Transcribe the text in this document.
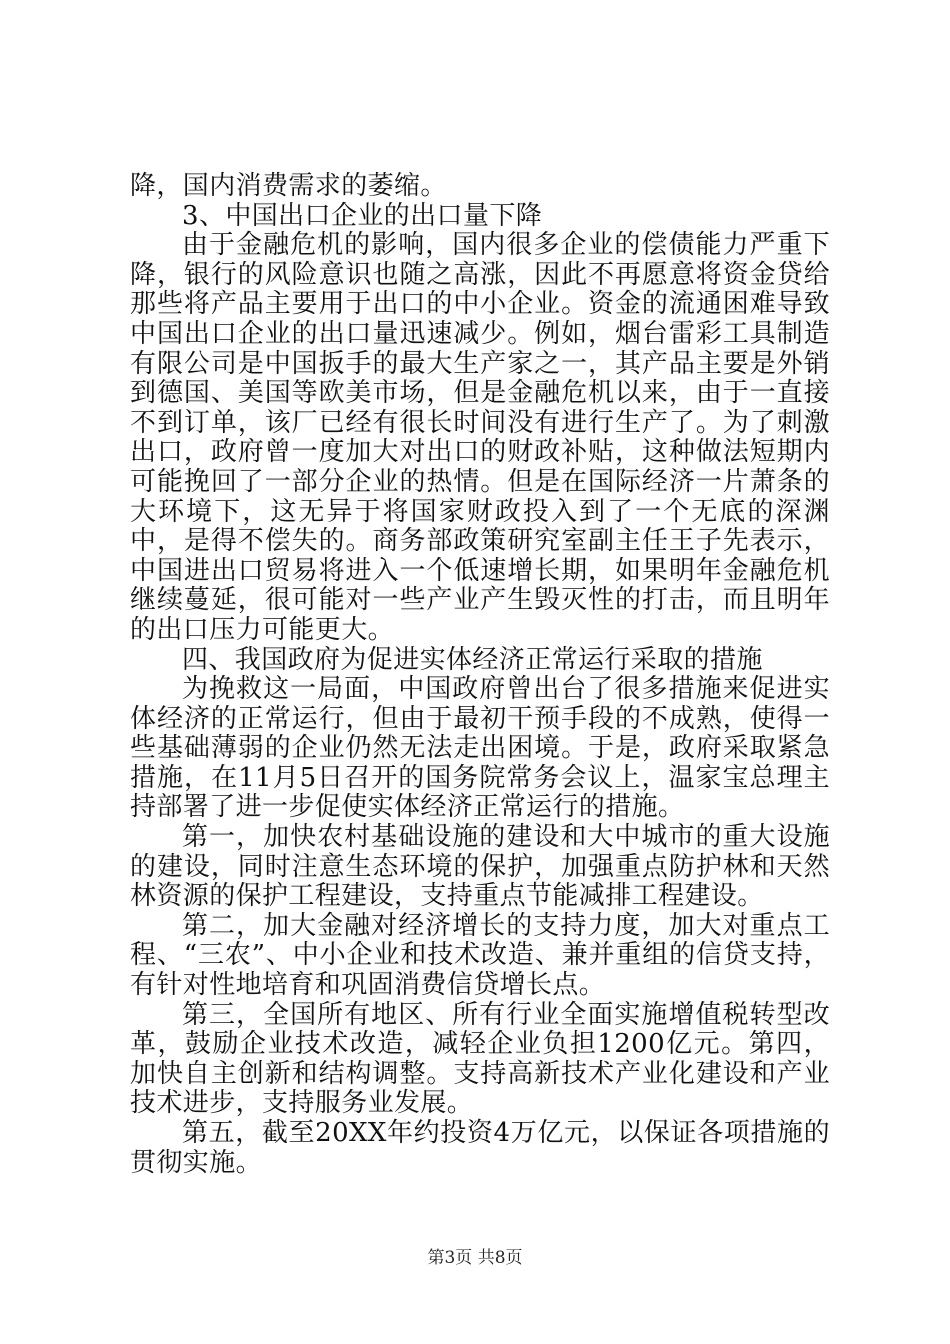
降，国内消费需求的萎缩。

3、中国出口企业的出口量下降

由于金融危机的影响，国内很多企业的偿债能力严重下降，银行的风险意识也随之高涨，因此不再愿意将资金贷给那些将产品主要用于出口的中小企业。资金的流通困难导致中国出口企业的出口量迅速减少。例如，烟台雷彩工具制造有限公司是中国扳手的最大生产家之一，其产品主要是外销到德国、美国等欧美市场，但是金融危机以来，由于一直接不到订单，该厂已经有很长时间没有进行生产了。为了刺激出口，政府曾一度加大对出口的财政补贴，这种做法短期内可能挽回了一部分企业的热情。但是在国际经济一片萧条的大环境下，这无异于将国家财政投入到了一个无底的深渊中，是得不偿失的。商务部政策研究室副主任王子先表示，中国进出口贸易将进入一个低速增长期，如果明年金融危机继续蔓延，很可能对一些产业产生毁灭性的打击，而且明年的出口压力可能更大。

四、我国政府为促进实体经济正常运行采取的措施

为挽救这一局面，中国政府曾出台了很多措施来促进实体经济的正常运行，但由于最初干预手段的不成熟，使得一些基础薄弱的企业仍然无法走出困境。于是，政府采取紧急措施，在11月5日召开的国务院常务会议上，温家宝总理主持部署了进一步促使实体经济正常运行的措施。

第一，加快农村基础设施的建设和大中城市的重大设施的建设，同时注意生态环境的保护，加强重点防护林和天然林资源的保护工程建设，支持重点节能减排工程建设。

第二，加大金融对经济增长的支持力度，加大对重点工程、“三农”、中小企业和技术改造、兼并重组的信贷支持，有针对性地培育和巩固消费信贷增长点。

第三，全国所有地区、所有行业全面实施增值税转型改革，鼓励企业技术改造，减轻企业负担1200亿元。第四，加快自主创新和结构调整。支持高新技术产业化建设和产业技术进步，支持服务业发展。

第五，截至20XX年约投资4万亿元，以保证各项措施的贯彻实施。

第3页 共8页
